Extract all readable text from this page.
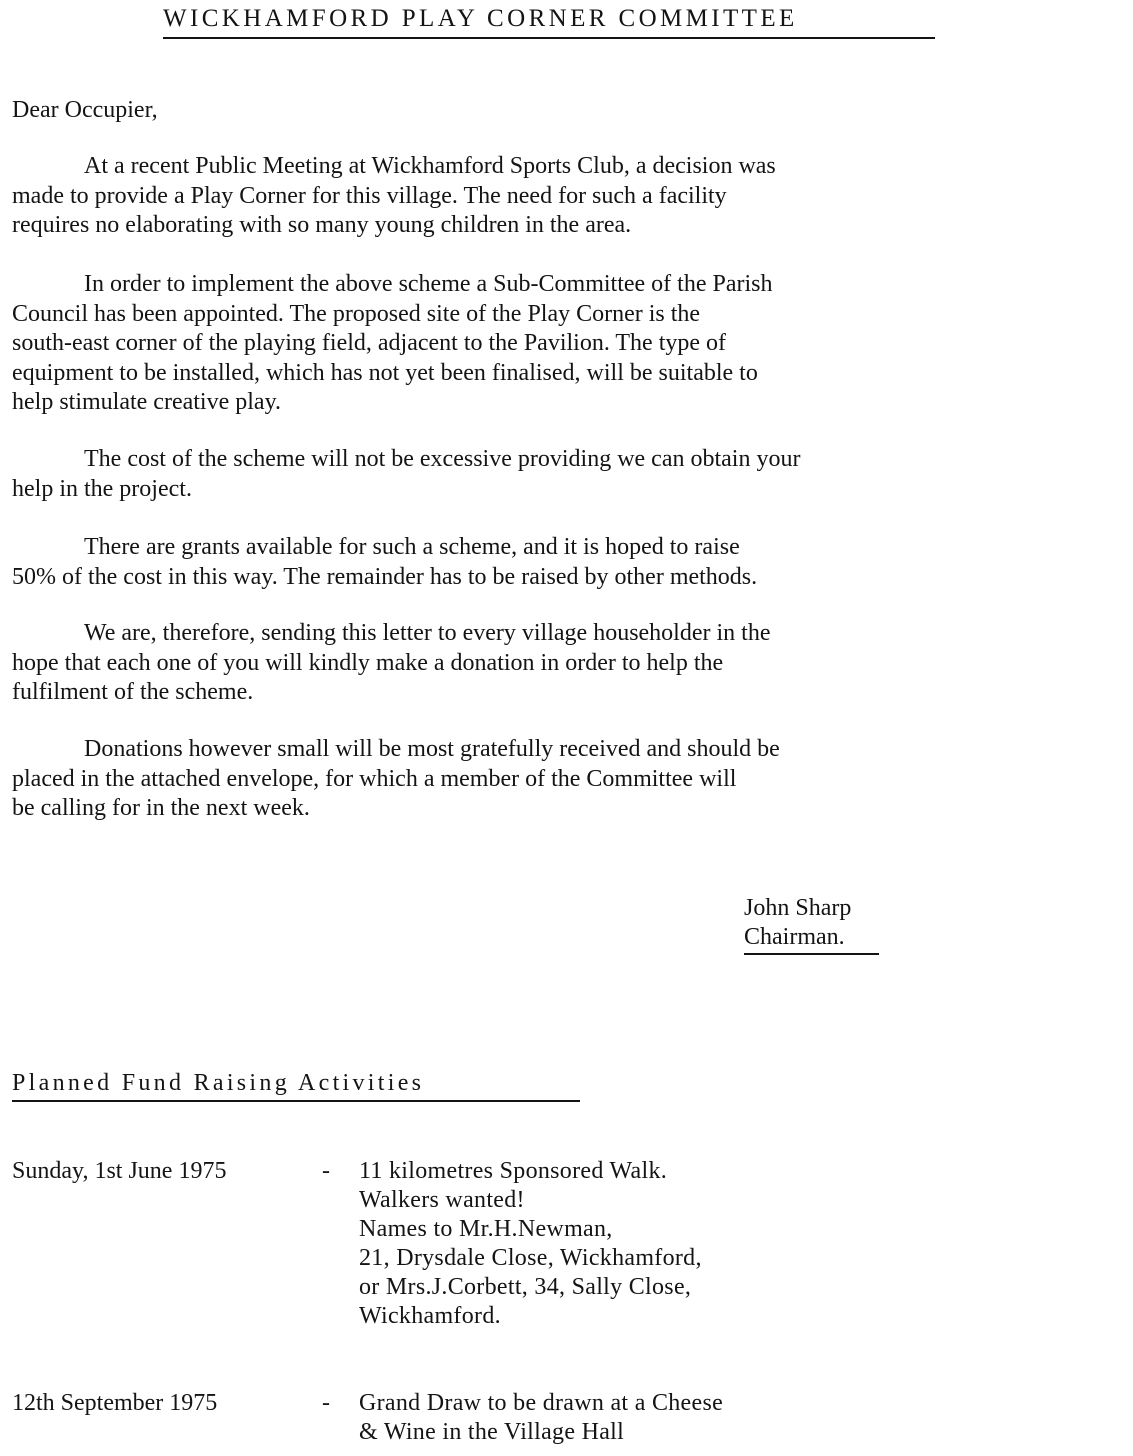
WICKHAMFORD PLAY CORNER COMMITTEE

Dear Occupier,

At a recent Public Meeting at Wickhamford Sports Club, a decision was
made to provide a Play Corner for this village. The need for such a facility
requires no elaborating with so many young children in the area.

In order to implement the above scheme a Sub-Committee of the Parish
Council has been appointed. The proposed site of the Play Corner is the
south-east corner of the playing field, adjacent to the Pavilion. The type of
equipment to be installed, which has not yet been finalised, will be suitable to
help stimulate creative play.

The cost of the scheme will not be excessive providing we can obtain your
help in the project.

There are grants available for such a scheme, and it is hoped to raise
50% of the cost in this way. The remainder has to be raised by other methods.

We are, therefore, sending this letter to every village householder in the
hope that each one of you will kindly make a donation in order to help the
fulfilment of the scheme.

Donations however small will be most gratefully received and should be
placed in the attached envelope, for which a member of the Committee will
be calling for in the next week.

John Sharp
Chairman.
Planned Fund Raising Activities
Sunday, 1st June 1975	- 11 kilometres Sponsored Walk.
Walkers wanted!
Names to Mr.H.Newman,
21, Drysdale Close, Wickhamford,
or Mrs.J.Corbett, 34, Sally Close,
Wickhamford.
12th September 1975	- Grand Draw to be drawn at a Cheese
& Wine in the Village Hall
